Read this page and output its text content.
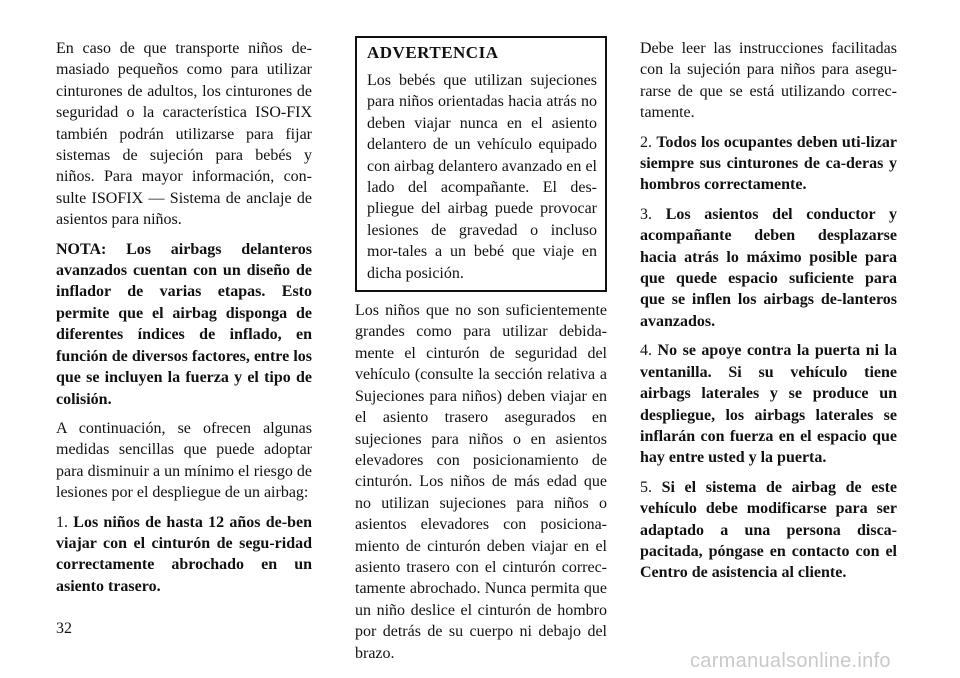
En caso de que transporte niños de-masiado pequeños como para utilizar cinturones de adultos, los cinturones de seguridad o la característica ISO-FIX también podrán utilizarse para fijar sistemas de sujeción para bebés y niños. Para mayor información, con-sulte ISOFIX — Sistema de anclaje de asientos para niños.

NOTA: Los airbags delanteros avanzados cuentan con un diseño de inflador de varias etapas. Esto permite que el airbag disponga de diferentes índices de inflado, en función de diversos factores, entre los que se incluyen la fuerza y el tipo de colisión.

A continuación, se ofrecen algunas medidas sencillas que puede adoptar para disminuir a un mínimo el riesgo de lesiones por el despliegue de un airbag:

1. Los niños de hasta 12 años de-ben viajar con el cinturón de segu-ridad correctamente abrochado en un asiento trasero.

ADVERTENCIA

Los bebés que utilizan sujeciones para niños orientadas hacia atrás no deben viajar nunca en el asiento delantero de un vehículo equipado con airbag delantero avanzado en el lado del acompañante. El des-pliegue del airbag puede provocar lesiones de gravedad o incluso mor-tales a un bebé que viaje en dicha posición.

Los niños que no son suficientemente grandes como para utilizar debida-mente el cinturón de seguridad del vehículo (consulte la sección relativa a Sujeciones para niños) deben viajar en el asiento trasero asegurados en sujeciones para niños o en asientos elevadores con posicionamiento de cinturón. Los niños de más edad que no utilizan sujeciones para niños o asientos elevadores con posiciona-miento de cinturón deben viajar en el asiento trasero con el cinturón correc-tamente abrochado. Nunca permita que un niño deslice el cinturón de hombro por detrás de su cuerpo ni debajo del brazo.

Debe leer las instrucciones facilitadas con la sujeción para niños para asegu-rarse de que se está utilizando correc-tamente.

2. Todos los ocupantes deben uti-lizar siempre sus cinturones de ca-deras y hombros correctamente.

3. Los asientos del conductor y acompañante deben desplazarse hacia atrás lo máximo posible para que quede espacio suficiente para que se inflen los airbags de-lanteros avanzados.

4. No se apoye contra la puerta ni la ventanilla. Si su vehículo tiene airbags laterales y se produce un despliegue, los airbags laterales se inflarán con fuerza en el espacio que hay entre usted y la puerta.

5. Si el sistema de airbag de este vehículo debe modificarse para ser adaptado a una persona disca-pacitada, póngase en contacto con el Centro de asistencia al cliente.

32
carmanualsonline.info
